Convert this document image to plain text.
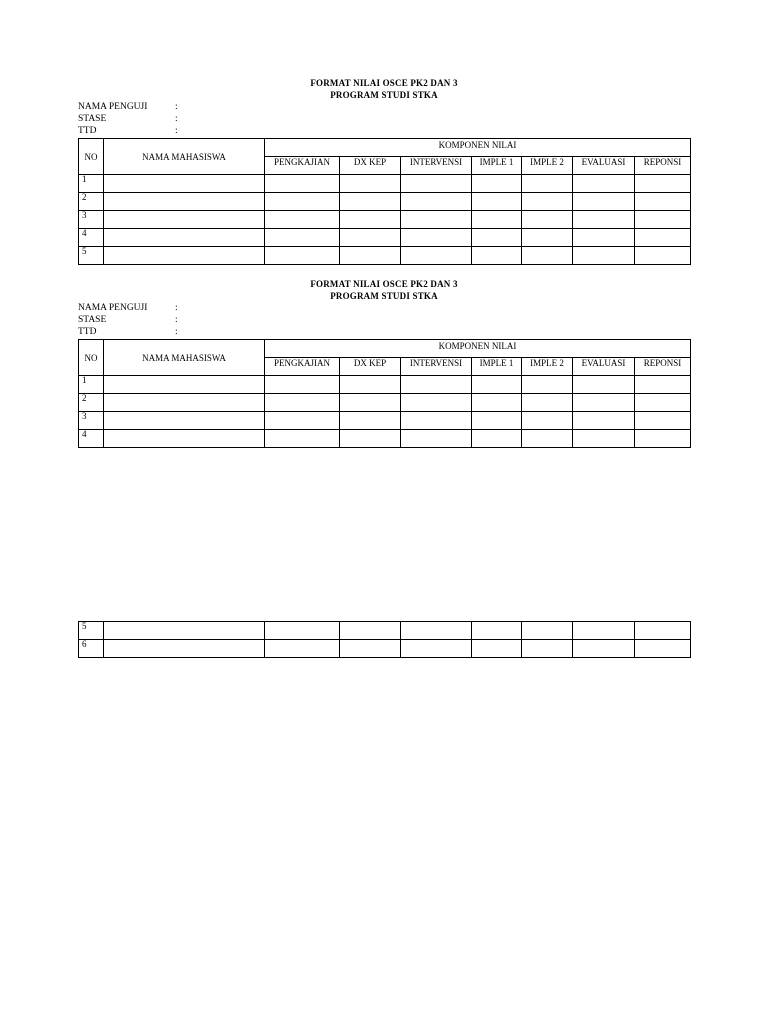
FORMAT NILAI OSCE PK2 DAN 3
PROGRAM STUDI STKA
NAMA PENGUJI	:
STASE	:
TTD	:
NO	NAMA MAHASISWA	KOMPONEN NILAI						
		PENGKAJIAN	DX KEP	INTERVENSI	IMPLE 1	IMPLE 2	EVALUASI	REPONSI
1								
2								
3								
4								
5								
FORMAT NILAI OSCE PK2 DAN 3
PROGRAM STUDI STKA
NAMA PENGUJI	:
STASE	:
TTD	:
NO	NAMA MAHASISWA	KOMPONEN NILAI						
		PENGKAJIAN	DX KEP	INTERVENSI	IMPLE 1	IMPLE 2	EVALUASI	REPONSI
1								
2								
3								
4								
5								
6								
